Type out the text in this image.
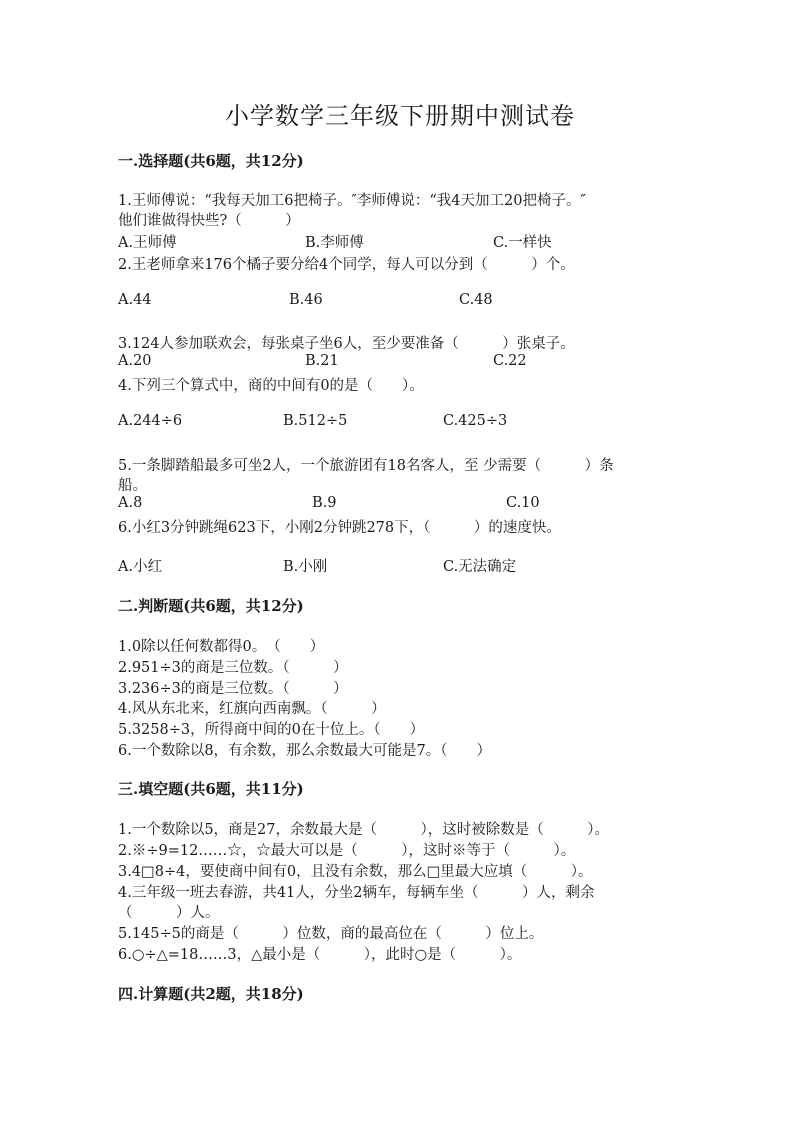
小学数学三年级下册期中测试卷
一.选择题(共6题，共12分)
1.王师傅说：“我每天加工6把椅子。″李师傅说：“我4天加工20把椅子。″
他们谁做得快些?（　　　）
A.王师傅	B.李师傅	C.一样快
2.王老师拿来176个橘子要分给4个同学，每人可以分到（　　　）个。
A.44	B.46	C.48
3.124人参加联欢会，每张桌子坐6人，至少要准备（　　　）张桌子。
A.20	B.21	C.22
4.下列三个算式中，商的中间有0的是（　　）。
A.244÷6	B.512÷5	C.425÷3
5.一条脚踏船最多可坐2人，一个旅游团有18名客人，至 少需要（　　　）条
船。
A.8	B.9	C.10
6.小红3分钟跳绳623下，小刚2分钟跳278下，（　　　）的速度快。
A.小红	B.小刚	C.无法确定
二.判断题(共6题，共12分)
1.0除以任何数都得0。　（　　）
2.951÷3的商是三位数。（　　　）
3.236÷3的商是三位数。（　　　）
4.风从东北来，红旗向西南飘。（　　　）
5.3258÷3，所得商中间的0在十位上。（　　）
6.一个数除以8，有余数，那么余数最大可能是7。（　　）
三.填空题(共6题，共11分)
1.一个数除以5，商是27，余数最大是（　　　），这时被除数是（　　　）。
2.※÷9=12……☆，☆最大可以是（　　　），这时※等于（　　　）。
3.4□8÷4，要使商中间有0，且没有余数，那么□里最大应填（　　　）。
4.三年级一班去春游，共41人，分坐2辆车，每辆车坐（　　　）人，剩余
（　　　）人。
5.145÷5的商是（　　　）位数，商的最高位在（　　　）位上。
6.○÷△=18……3，△最小是（　　　），此时○是（　　　）。
四.计算题(共2题，共18分)
